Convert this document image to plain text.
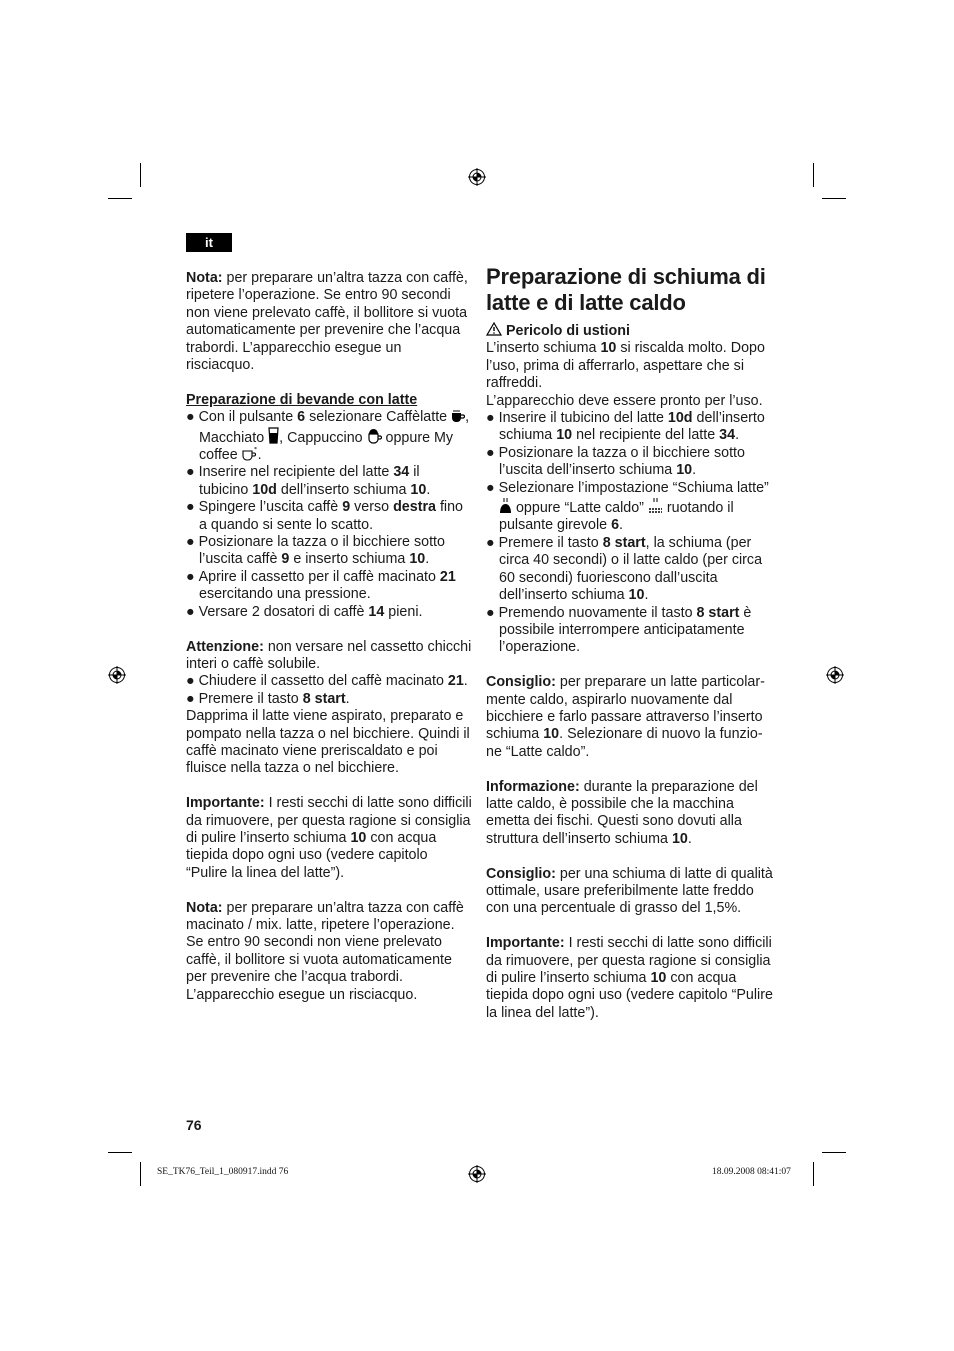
it

Nota: per preparare un’altra tazza con caffè, ripetere l’operazione. Se entro 90 secondi non viene prelevato caffè, il bollitore si vuota automaticamente per prevenire che l’acqua trabordi. L’apparecchio esegue un risciacquo.

Preparazione di bevande con latte

● Con il pulsante 6 selezionare Caffèlatte , Macchiato , Cappuccino  oppure My coffee * .

● Inserire nel recipiente del latte 34 il tubicino 10d dell’inserto schiuma 10.

● Spingere l’uscita caffè 9 verso destra fino a quando si sente lo scatto.

● Posizionare la tazza o il bicchiere sotto l’uscita caffè 9 e inserto schiuma 10.

● Aprire il cassetto per il caffè macinato 21 esercitando una pressione.

● Versare 2 dosatori di caffè 14 pieni.

Attenzione: non versare nel cassetto chicchi interi o caffè solubile.

● Chiudere il cassetto del caffè macinato 21.

● Premere il tasto 8 start.

Dapprima il latte viene aspirato, preparato e pompato nella tazza o nel bicchiere. Quindi il caffè macinato viene preriscaldato e poi fluisce nella tazza o nel bicchiere.

Importante: I resti secchi di latte sono difficili da rimuovere, per questa ragione si consiglia di pulire l’inserto schiuma 10 con acqua tiepida dopo ogni uso (vedere capitolo “Pulire la linea del latte”).

Nota: per preparare un’altra tazza con caffè macinato / mix. latte, ripetere l’operazione. Se entro 90 secondi non viene prelevato caffè, il bollitore si vuota automaticamente per prevenire che l’acqua trabordi. L’apparecchio esegue un risciacquo.

Preparazione di schiuma di latte e di latte caldo

Pericolo di ustioni

L’inserto schiuma 10 si riscalda molto. Dopo l’uso, prima di afferrarlo, aspettare che si raffreddi.

L’apparecchio deve essere pronto per l’uso.

● Inserire il tubicino del latte 10d dell’inserto schiuma 10 nel recipiente del latte 34.

● Posizionare la tazza o il bicchiere sotto l’uscita dell’inserto schiuma 10.

● Selezionare l’impostazione “Schiuma latte”  oppure “Latte caldo”  ruotando il pulsante girevole 6.

● Premere il tasto 8 start, la schiuma (per circa 40 secondi) o il latte caldo (per circa 60 secondi) fuoriescono dall’uscita dell’inserto schiuma 10.

● Premendo nuovamente il tasto 8 start è possibile interrompere anticipatamente l’operazione.

Consiglio: per preparare un latte particolar-mente caldo, aspirarlo nuovamente dal bicchiere e farlo passare attraverso l’inserto schiuma 10. Selezionare di nuovo la funzio-ne “Latte caldo”.

Informazione: durante la preparazione del latte caldo, è possibile che la macchina emetta dei fischi. Questi sono dovuti alla struttura dell’inserto schiuma 10.

Consiglio: per una schiuma di latte di qualità ottimale, usare preferibilmente latte freddo con una percentuale di grasso del 1,5%.

Importante: I resti secchi di latte sono difficili da rimuovere, per questa ragione si consiglia di pulire l’inserto schiuma 10 con acqua tiepida dopo ogni uso (vedere capitolo “Pulire la linea del latte”).

76
SE_TK76_Teil_1_080917.indd 76	18.09.2008 08:41:07
